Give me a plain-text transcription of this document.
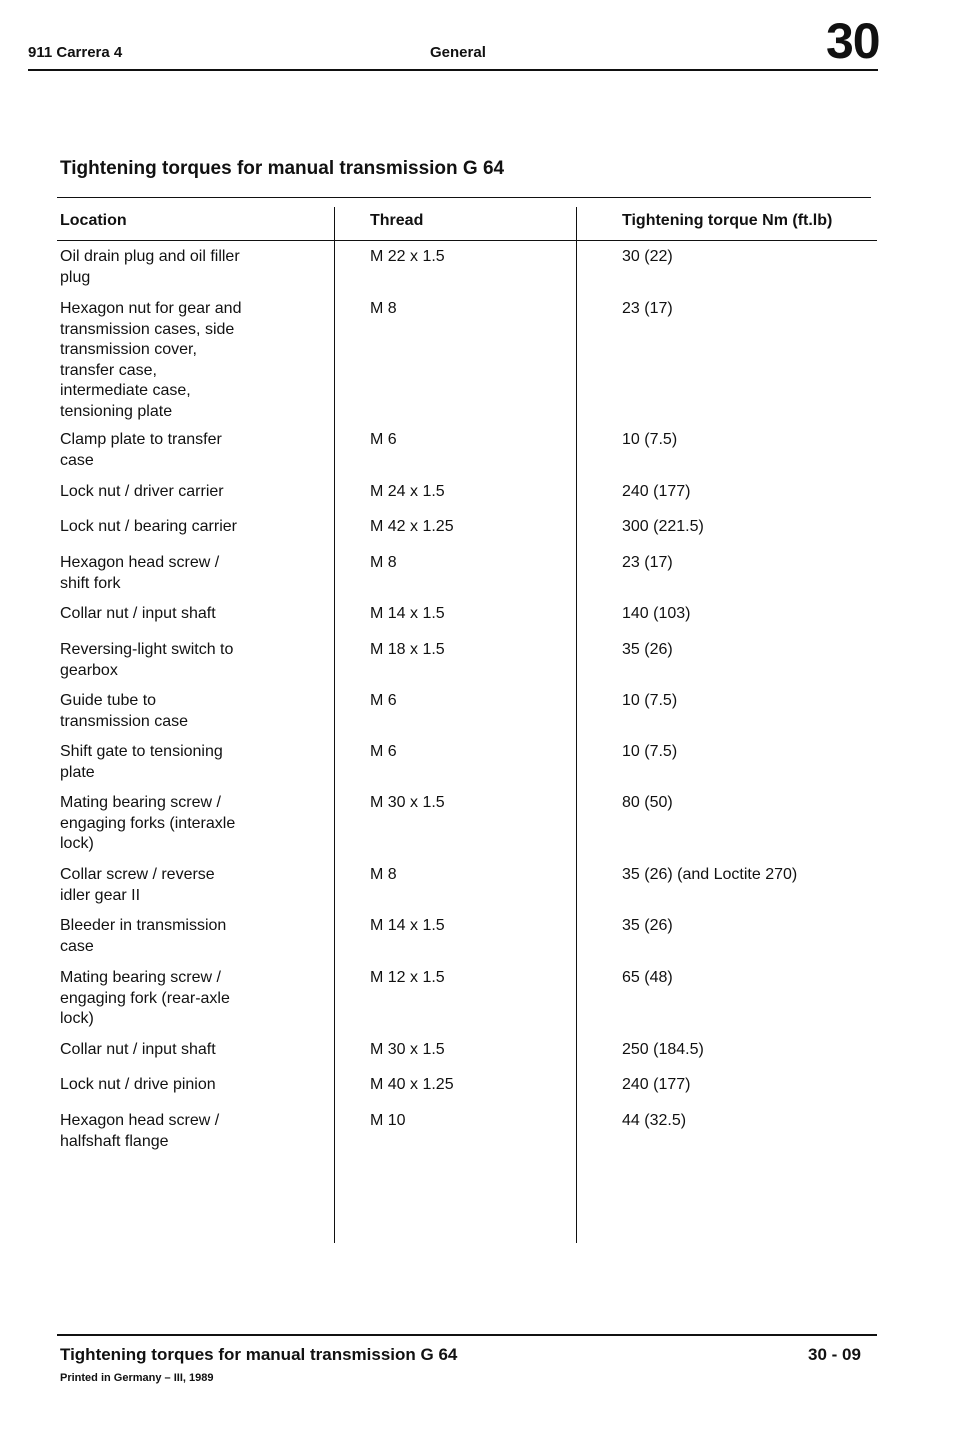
911 Carrera 4	General	30
Tightening torques for manual transmission G 64
Location	Thread	Tightening torque Nm (ft.lb)
Oil drain plug and oil filler
plug
M 22 x 1.5	30 (22)
Hexagon nut for gear and
transmission cases, side
transmission cover,
transfer case,
intermediate case,
tensioning plate
M 8	23 (17)
Clamp plate to transfer
case
M 6	10 (7.5)
Lock nut / driver carrier	M 24 x 1.5	240 (177)
Lock nut / bearing carrier	M 42 x 1.25	300 (221.5)
Hexagon head screw /
shift fork
M 8	23 (17)
Collar nut / input shaft	M 14 x 1.5	140 (103)
Reversing-light switch to
gearbox
M 18 x 1.5	35 (26)
Guide tube to
transmission case
M 6	10 (7.5)
Shift gate to tensioning
plate
M 6	10 (7.5)
Mating bearing screw /
engaging forks (interaxle
lock)
M 30 x 1.5	80 (50)
Collar screw / reverse
idler gear II
M 8	35 (26) (and Loctite 270)
Bleeder in transmission
case
M 14 x 1.5	35 (26)
Mating bearing screw /
engaging fork (rear-axle
lock)
M 12 x 1.5	65 (48)
Collar nut / input shaft	M 30 x 1.5	250 (184.5)
Lock nut / drive pinion	M 40 x 1.25	240 (177)
Hexagon head screw /
halfshaft flange
M 10	44 (32.5)
Tightening torques for manual transmission G 64	30 - 09
Printed in Germany – III, 1989
